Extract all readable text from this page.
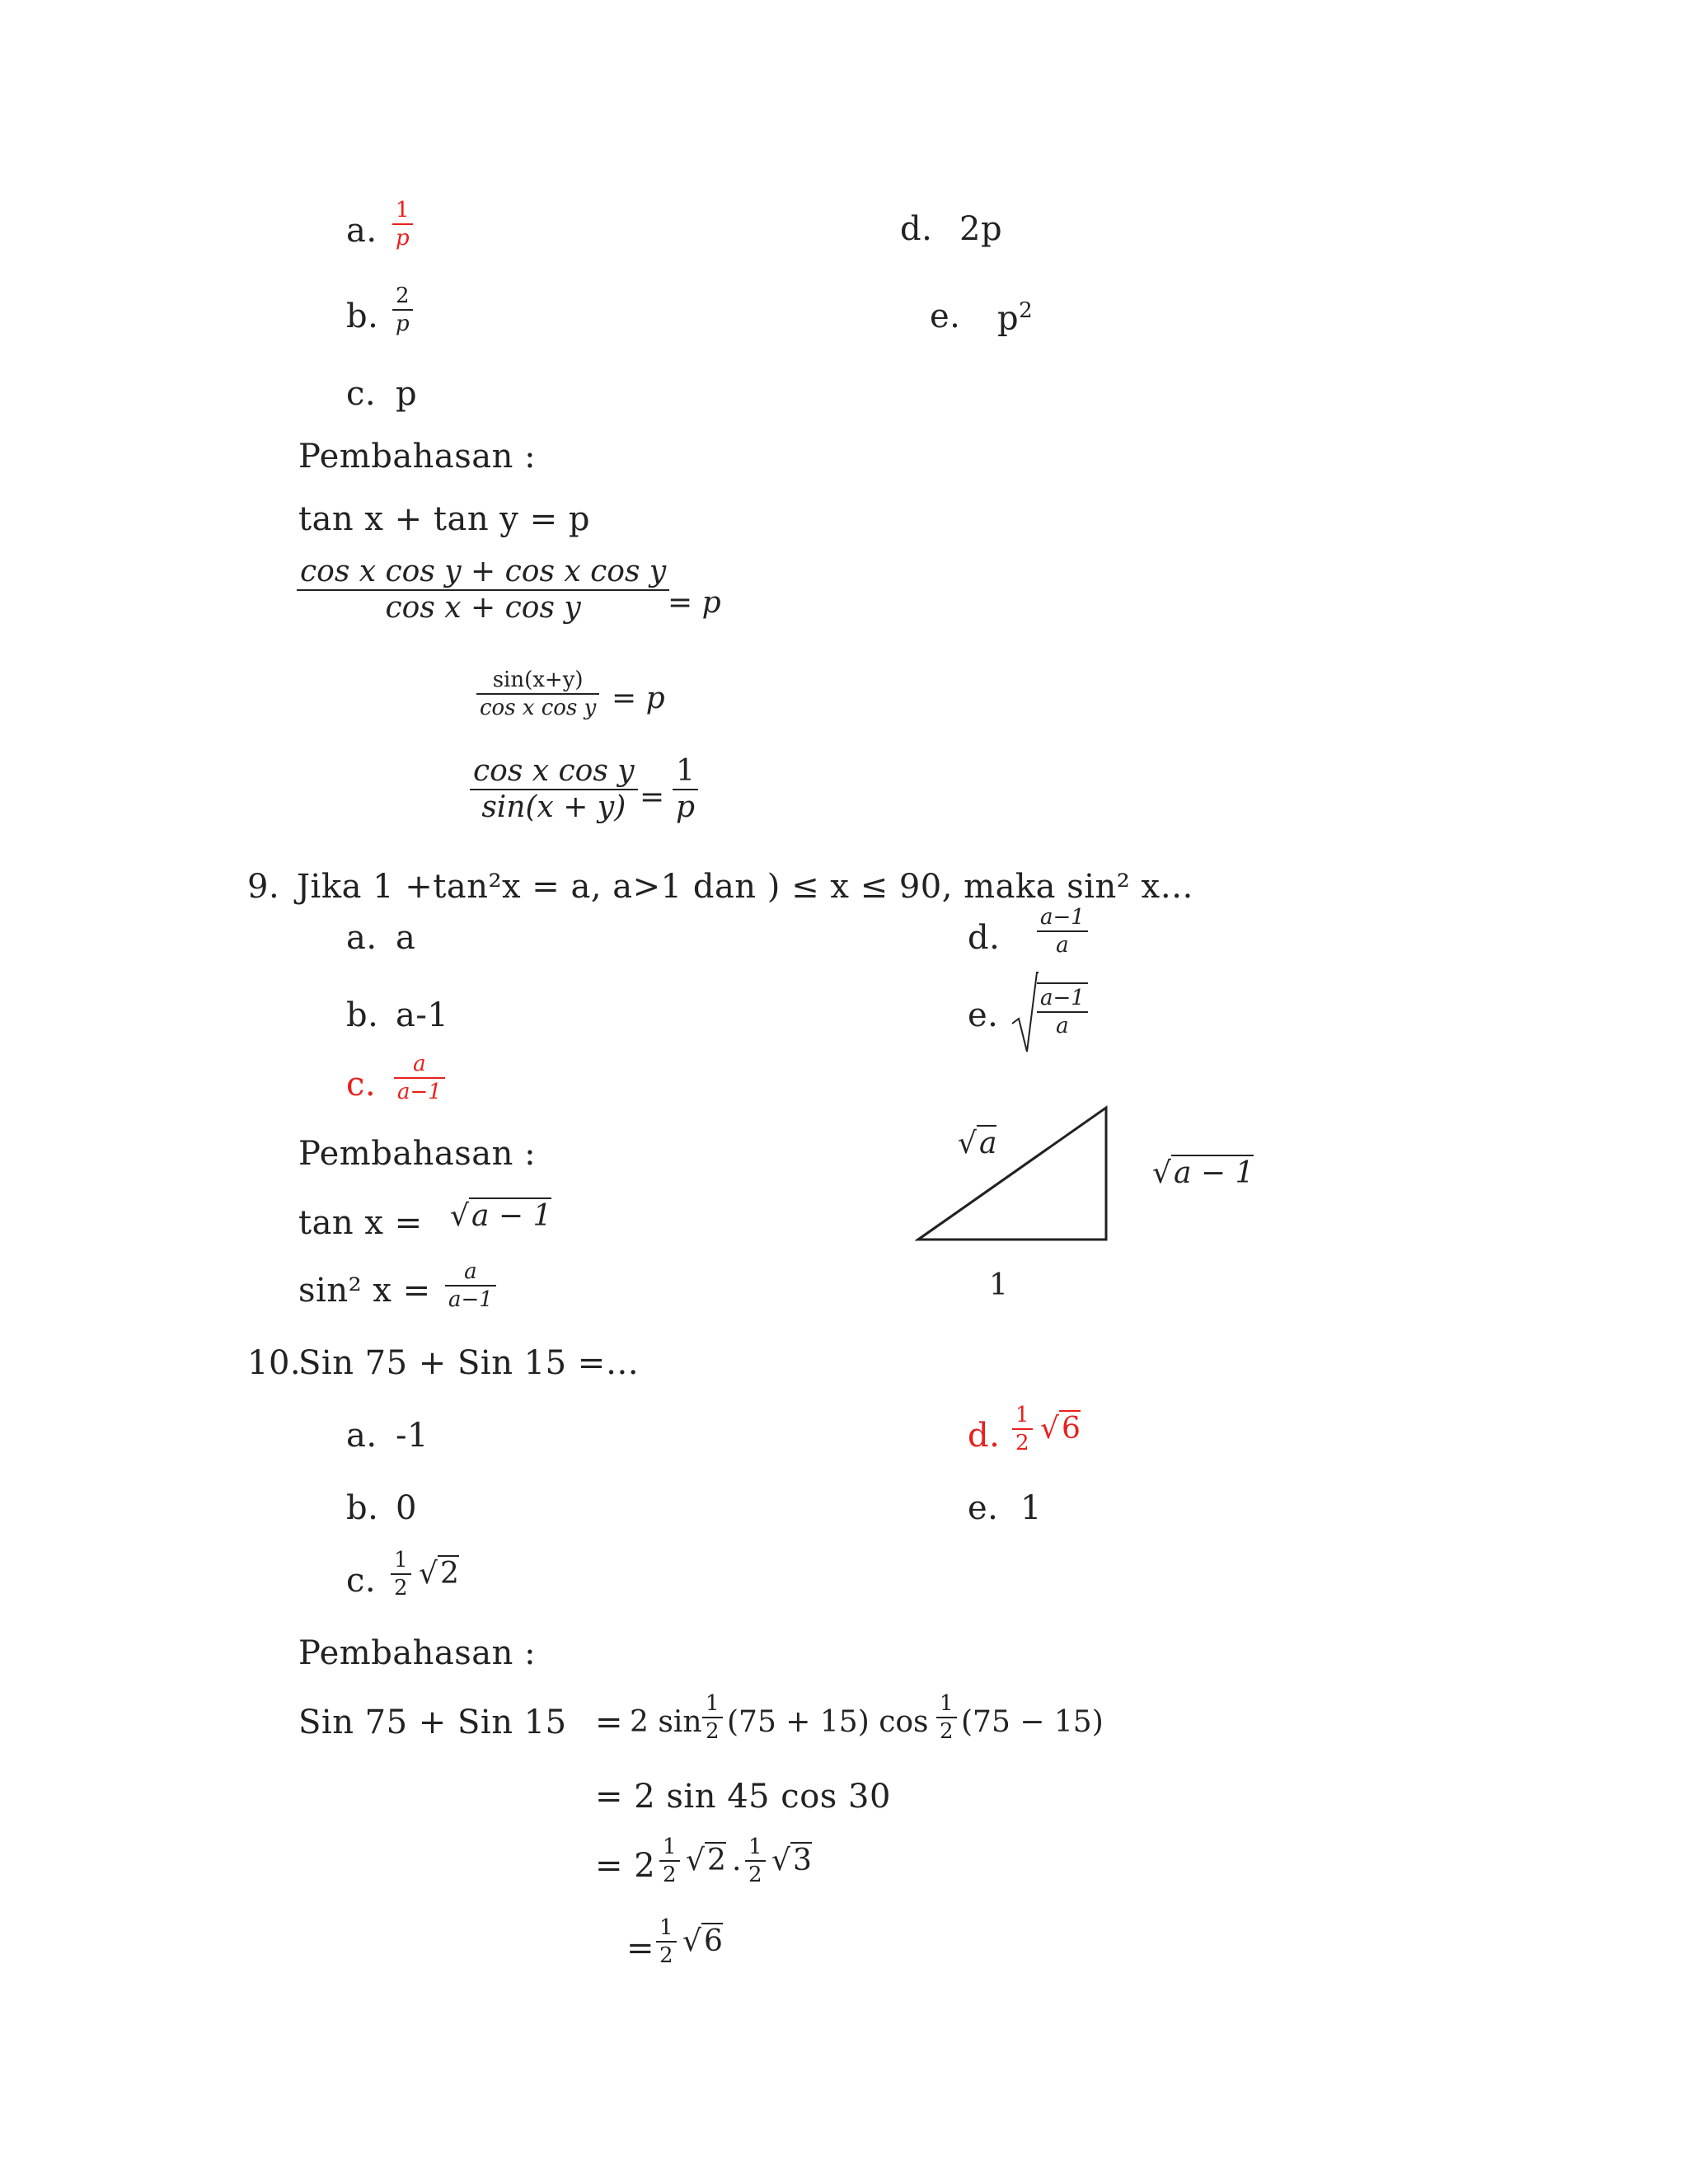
a.
1
p
b.
2
p
c. p
d. 2p
e. $p^2$
Pembahasan :
tan x + tan y = p
cos x cos y + cos x cos y
cos x + cos y	= p
sin(x+y)
cos x cos y = p
cos x cos y
sin(x + y) =
1
p
9. Jika 1 +tan²x = a, a>1 dan ) ≤ x ≤ 90, maka sin² x…
a. a
b. a-1
c.
a
a−1
d.
a−1
a
e. a−1
a
Pembahasan :
tan x = √a − 1
sin² x = a
a−1
√a
√a − 1
1
10.
Sin 75 + Sin 15 =…
a. -1
b. 0
c.
1
2 √2
d.
1
2 √6
e. 1
Pembahasan :
Sin 75 + Sin 15 = 2 sin
1
2 (75 + 15) cos
1
2 (75 − 15)
= 2 sin 45 cos 30
= 2 1
2 √2 . 1
2 √3
=
1
2 √6
